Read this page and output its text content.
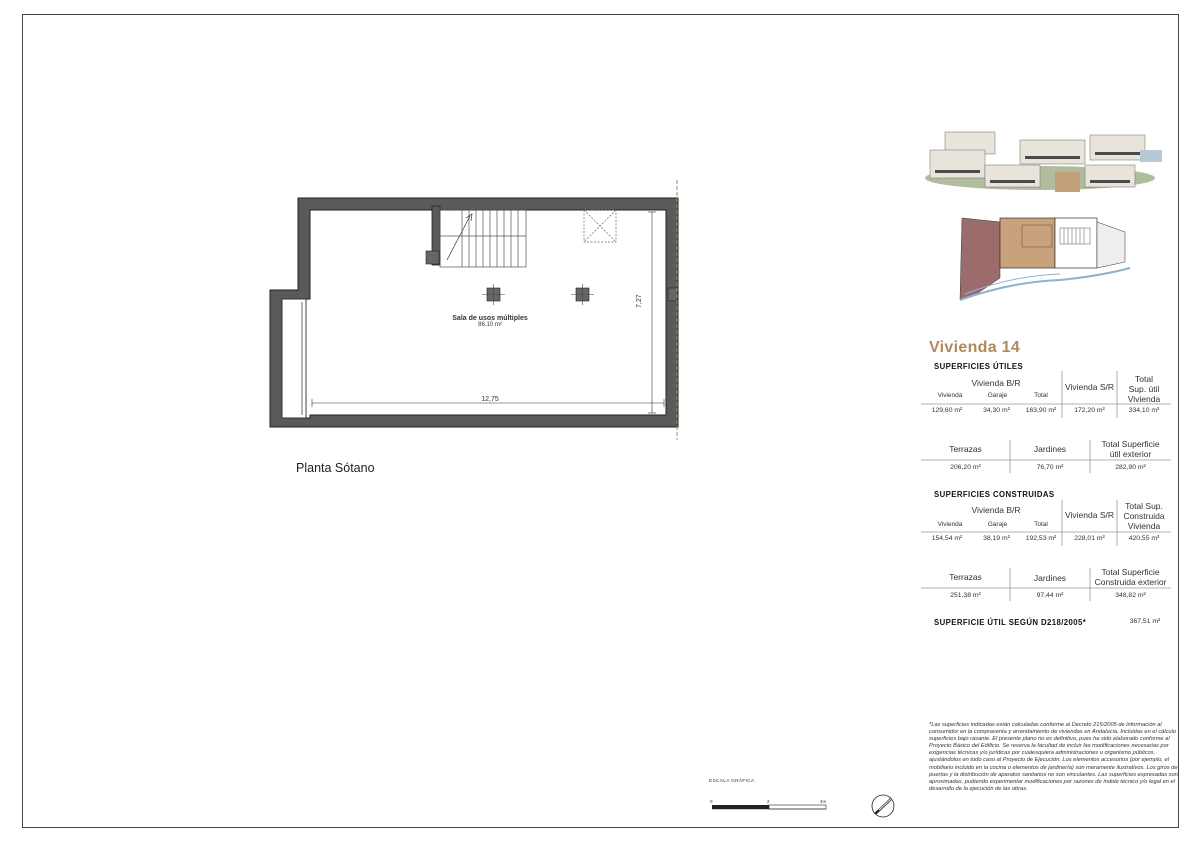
Sala de usos múltiples
86.10 m²
12,75
7,27
Planta Sótano
Vivienda 14
SUPERFICIES ÚTILES
Vivienda B/R
Vivienda	Garaje	Total
Vivienda S/R
Total
Sup. útil
Vivienda
129,60 m²	34,30 m²	163,90 m²	172,20 m²	334,10 m²
Terrazas	Jardines	Total Superficie
útil exterior
206,20 m²	76,70 m²	282,90 m²
SUPERFICIES CONSTRUIDAS
Vivienda B/R
Vivienda	Garaje	Total
Vivienda S/R
Total Sup.
Construida
Vivienda
154,54 m²	38,19 m²	192,53 m²	228,01 m²	420,55 m²
Terrazas	Jardines
Total Superficie
Construida exterior
251,38 m²	97,44 m²	348,82 m²
SUPERFICIE ÚTIL SEGÚN D218/2005*	367,51 m²
*Las superficies indicadas están calculadas conforme al Decreto 215/2005 de información al consumidor en la compraventa y arrendamiento de viviendas en Andalucía. Incluidas en el cálculo superficies bajo rasante. El presente plano no es definitivo, pues ha sido elaborado conforme al Proyecto Básico del Edificio. Se reserva la facultad de incluir las modificaciones necesarias por exigencias técnicas y/o jurídicas por cualesquiera administraciones u organismo públicos, ajustándolos en todo caso al Proyecto de Ejecución. Los elementos accesorios (por ejemplo, el mobiliario incluido en la cocina o elementos de jardinería) son meramente ilustrativos. Los giros de puertas y la distribución de aparatos sanitarios no son vinculantes. Las superficies expresadas son aproximadas, pudiendo experimentar modificaciones por razones de índole técnico y/o legal en el desarrollo de la ejecución de las obras.
ESCALA GRÁFICA
0	2	4m
